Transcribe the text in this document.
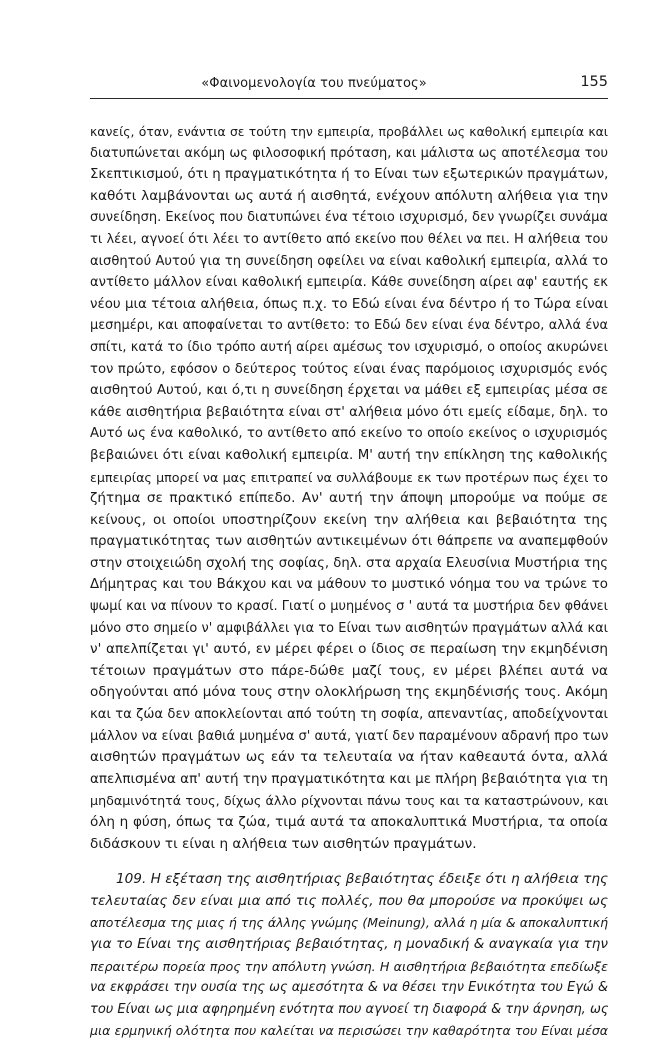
«Φαινομενολογία του πνεύματος»	155
κανείς, όταν, ενάντια σε τούτη την εμπειρία, προβάλλει ως καθολική εμπειρία και
διατυπώνεται ακόμη ως φιλοσοφική πρόταση, και μάλιστα ως αποτέλεσμα του
Σκεπτικισμού, ότι η πραγματικότητα ή το Είναι των εξωτερικών πραγμάτων,
καθότι λαμβάνονται ως αυτά ή αισθητά, ενέχουν απόλυτη αλήθεια για την
συνείδηση. Εκείνος που διατυπώνει ένα τέτοιο ισχυρισμό, δεν γνωρίζει συνάμα
τι λέει, αγνοεί ότι λέει το αντίθετο από εκείνο που θέλει να πει. Η αλήθεια του
αισθητού Αυτού για τη συνείδηση οφείλει να είναι καθολική εμπειρία, αλλά το
αντίθετο μάλλον είναι καθολική εμπειρία. Κάθε συνείδηση αίρει αφ' εαυτής εκ
νέου μια τέτοια αλήθεια, όπως π.χ. το Εδώ είναι ένα δέντρο ή το Τώρα είναι
μεσημέρι, και αποφαίνεται το αντίθετο: το Εδώ δεν είναι ένα δέντρο, αλλά ένα
σπίτι, κατά το ίδιο τρόπο αυτή αίρει αμέσως τον ισχυρισμό, ο οποίος ακυρώνει
τον πρώτο, εφόσον ο δεύτερος τούτος είναι ένας παρόμοιος ισχυρισμός ενός
αισθητού Αυτού, και ό,τι η συνείδηση έρχεται να μάθει εξ εμπειρίας μέσα σε
κάθε αισθητήρια βεβαιότητα είναι στ' αλήθεια μόνο ότι εμείς είδαμε, δηλ. το
Αυτό ως ένα καθολικό, το αντίθετο από εκείνο το οποίο εκείνος ο ισχυρισμός
βεβαιώνει ότι είναι καθολική εμπειρία. Μ' αυτή την επίκληση της καθολικής
εμπειρίας μπορεί να μας επιτραπεί να συλλάβουμε εκ των προτέρων πως έχει το
ζήτημα σε πρακτικό επίπεδο. Αν' αυτή την άποψη μπορούμε να πούμε σε
κείνους, οι οποίοι υποστηρίζουν εκείνη την αλήθεια και βεβαιότητα της
πραγματικότητας των αισθητών αντικειμένων ότι θάπρεπε να αναπεμφθούν
στην στοιχειώδη σχολή της σοφίας, δηλ. στα αρχαία Ελευσίνια Μυστήρια της
Δήμητρας και του Βάκχου και να μάθουν το μυστικό νόημα του να τρώνε το
ψωμί και να πίνουν το κρασί. Γιατί ο μυημένος σ ' αυτά τα μυστήρια δεν φθάνει
μόνο στο σημείο ν' αμφιβάλλει για το Είναι των αισθητών πραγμάτων αλλά και
ν' απελπίζεται γι' αυτό, εν μέρει φέρει ο ίδιος σε περαίωση την εκμηδένιση
τέτοιων πραγμάτων στο πάρε-δώθε μαζί τους, εν μέρει βλέπει αυτά να
οδηγούνται από μόνα τους στην ολοκλήρωση της εκμηδένισής τους. Ακόμη
και τα ζώα δεν αποκλείονται από τούτη τη σοφία, απεναντίας, αποδείχνονται
μάλλον να είναι βαθιά μυημένα σ' αυτά, γιατί δεν παραμένουν αδρανή προ των
αισθητών πραγμάτων ως εάν τα τελευταία να ήταν καθεαυτά όντα, αλλά
απελπισμένα απ' αυτή την πραγματικότητα και με πλήρη βεβαιότητα για τη
μηδαμινότητά τους, δίχως άλλο ρίχνονται πάνω τους και τα καταστρώνουν, και
όλη η φύση, όπως τα ζώα, τιμά αυτά τα αποκαλυπτικά Μυστήρια, τα οποία
διδάσκουν τι είναι η αλήθεια των αισθητών πραγμάτων.
109. Η εξέταση της αισθητήριας βεβαιότητας έδειξε ότι η αλήθεια της
τελευταίας δεν είναι μια από τις πολλές, που θα μπορούσε να προκύψει ως
αποτέλεσμα της μιας ή της άλλης γνώμης (Meinung), αλλά η μία & αποκαλυπτική
για το Είναι της αισθητήριας βεβαιότητας, η μοναδική & αναγκαία για την
περαιτέρω πορεία προς την απόλυτη γνώση. Η αισθητήρια βεβαιότητα επεδίωξε
να εκφράσει την ουσία της ως αμεσότητα & να θέσει την Ενικότητα του Εγώ &
του Είναι ως μια αφηρημένη ενότητα που αγνοεί τη διαφορά & την άρνηση, ως
μια ερμηνική ολότητα που καλείται να περισώσει την καθαρότητα του Είναι μέσα
